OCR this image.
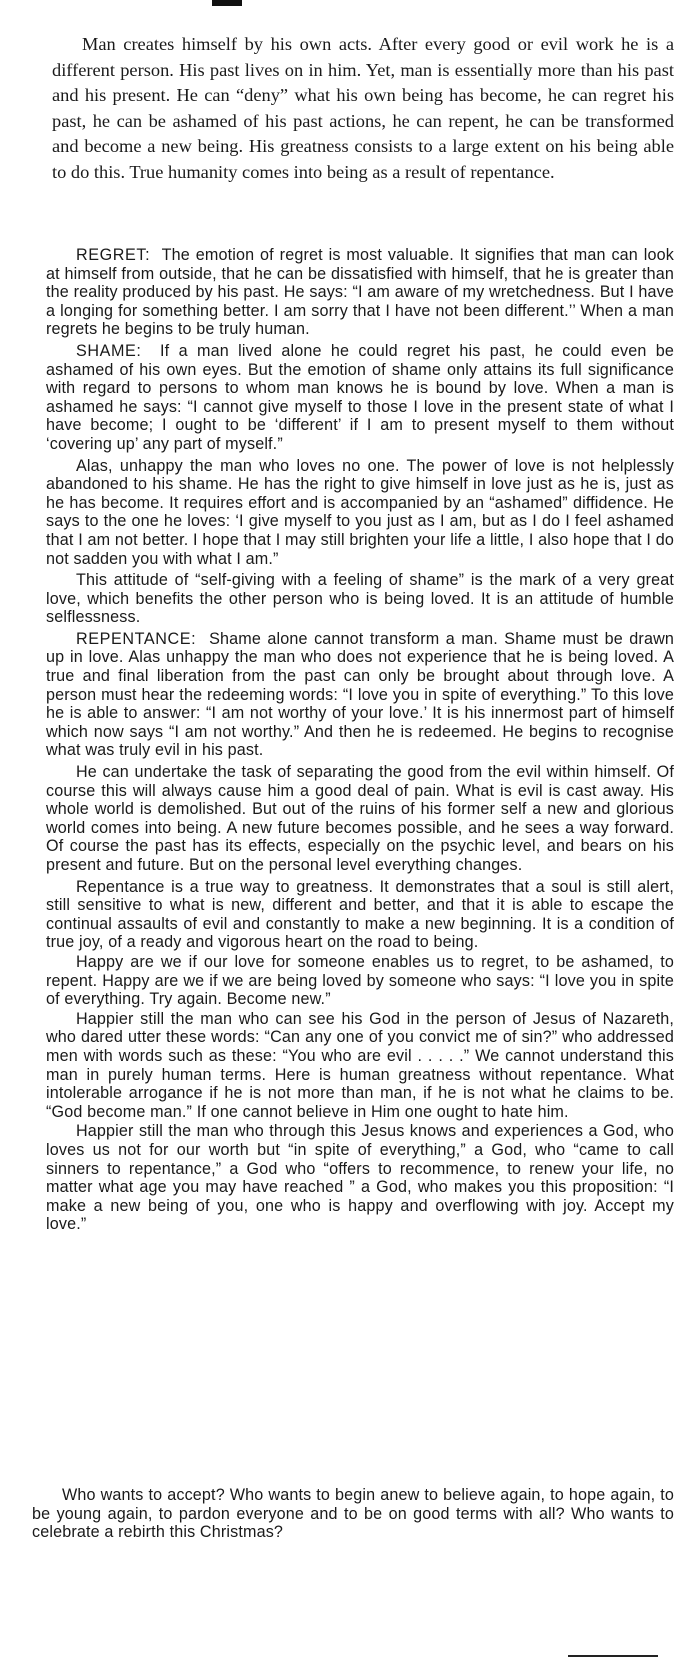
Man creates himself by his own acts. After every good or evil work he is a different person. His past lives on in him. Yet, man is essentially more than his past and his present. He can “deny” what his own being has become, he can regret his past, he can be ashamed of his past actions, he can repent, he can be transformed and become a new being. His greatness consists to a large extent on his being able to do this. True humanity comes into being as a result of repentance.

REGRET: The emotion of regret is most valuable. It signifies that man can look at himself from outside, that he can be dissatisfied with himself, that he is greater than the reality produced by his past. He says: “I am aware of my wretchedness. But I have a longing for something better. I am sorry that I have not been different.’’ When a man regrets he begins to be truly human.

SHAME: If a man lived alone he could regret his past, he could even be ashamed of his own eyes. But the emotion of shame only attains its full significance with regard to persons to whom man knows he is bound by love. When a man is ashamed he says: “I cannot give myself to those I love in the present state of what I have become; I ought to be ‘different’ if I am to present myself to them without ‘covering up’ any part of myself.”

Alas, unhappy the man who loves no one. The power of love is not helplessly abandoned to his shame. He has the right to give himself in love just as he is, just as he has become. It requires effort and is accompanied by an “ashamed” diffidence. He says to the one he loves: ‘I give myself to you just as I am, but as I do I feel ashamed that I am not better. I hope that I may still brighten your life a little, I also hope that I do not sadden you with what I am.”

This attitude of “self-giving with a feeling of shame” is the mark of a very great love, which benefits the other person who is being loved. It is an attitude of humble selflessness.

REPENTANCE: Shame alone cannot transform a man. Shame must be drawn up in love. Alas unhappy the man who does not experience that he is being loved. A true and final liberation from the past can only be brought about through love. A person must hear the redeeming words: “I love you in spite of everything.” To this love he is able to answer: “I am not worthy of your love.’ It is his innermost part of himself which now says “I am not worthy.” And then he is redeemed. He begins to recognise what was truly evil in his past.

He can undertake the task of separating the good from the evil within himself. Of course this will always cause him a good deal of pain. What is evil is cast away. His whole world is demolished. But out of the ruins of his former self a new and glorious world comes into being. A new future becomes possible, and he sees a way forward. Of course the past has its effects, especially on the psychic level, and bears on his present and future. But on the personal level everything changes.

Repentance is a true way to greatness. It demonstrates that a soul is still alert, still sensitive to what is new, different and better, and that it is able to escape the continual assaults of evil and constantly to make a new beginning. It is a condition of true joy, of a ready and vigorous heart on the road to being.

Happy are we if our love for someone enables us to regret, to be ashamed, to repent. Happy are we if we are being loved by someone who says: “I love you in spite of everything. Try again. Become new.”

Happier still the man who can see his God in the person of Jesus of Nazareth, who dared utter these words: “Can any one of you convict me of sin?” who addressed men with words such as these: “You who are evil . . . . .” We cannot understand this man in purely human terms. Here is human greatness without repentance. What intolerable arrogance if he is not more than man, if he is not what he claims to be. “God become man.” If one cannot believe in Him one ought to hate him.

Happier still the man who through this Jesus knows and experiences a God, who loves us not for our worth but “in spite of everything,” a God, who “came to call sinners to repentance,” a God who “offers to recommence, to renew your life, no matter what age you may have reached ” a God, who makes you this proposition: “I make a new being of you, one who is happy and overflowing with joy. Accept my love.”

Who wants to accept? Who wants to begin anew to believe again, to hope again, to be young again, to pardon everyone and to be on good terms with all? Who wants to celebrate a rebirth this Christmas?
